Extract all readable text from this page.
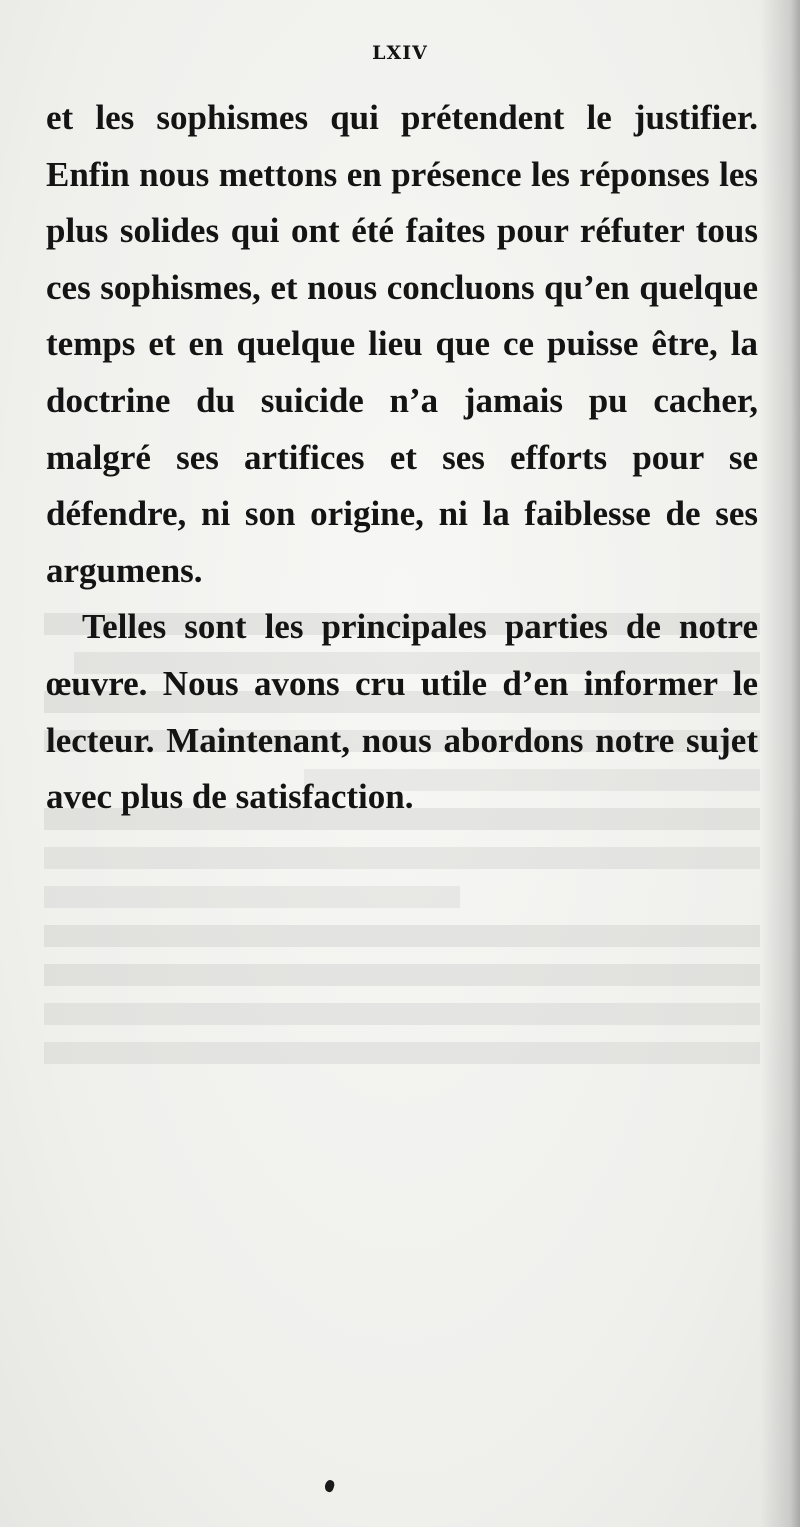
LXIV

et les sophismes qui prétendent le justifier. Enfin nous mettons en présence les réponses les plus solides qui ont été faites pour réfuter tous ces sophismes, et nous concluons qu’en quelque temps et en quelque lieu que ce puisse être, la doctrine du suicide n’a jamais pu cacher, malgré ses artifices et ses efforts pour se défendre, ni son origine, ni la faiblesse de ses argumens.

Telles sont les principales parties de notre œuvre. Nous avons cru utile d’en informer le lecteur. Maintenant, nous abordons notre sujet avec plus de satisfaction.
